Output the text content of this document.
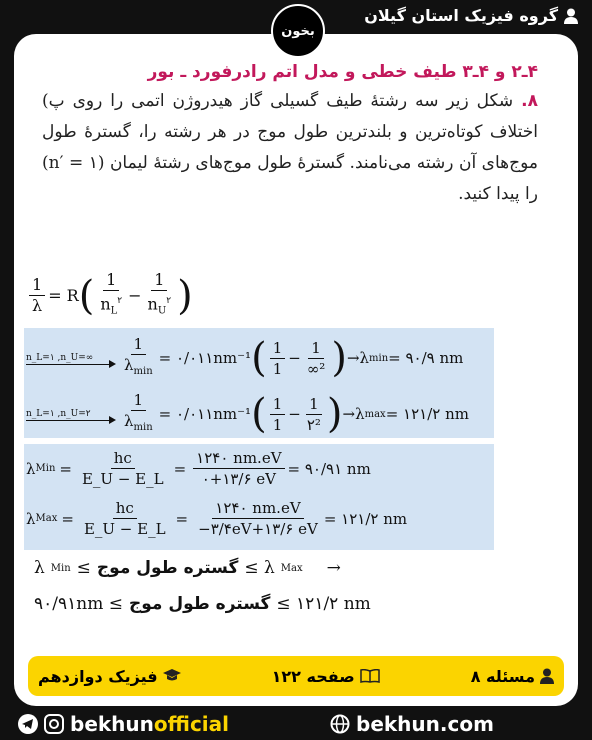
گروه فیزیک استان گیلان
بخون
۴ـ۲ و ۴ـ۳ طیف خطی و مدل اتم رادرفورد ـ بور
۸. شکل زیر سه رشتهٔ طیف گسیلی گاز هیدروژن اتمی را روی پ) اختلاف کوتاه‌ترین و بلندترین طول موج در هر رشته را، گسترهٔ طول موج‌های آن رشته می‌نامند. گسترهٔ طول موج‌های رشتهٔ لیمان (۱ = ′n) را پیدا کنید.
$\frac{1}{\lambda} = R$ ( $\frac{1}{n_L^۲} - \frac{1}{n_U^۲}$ )
n_L=۱ ,n_U=∞ $\frac{1}{\lambda_{min}}$ = ۰/۰۱۱nm⁻¹ ( $\frac{1}{1} - \frac{1}{\text{∞²}}$ ) → λ min = ۹۰/۹ nm
n_L=۱ ,n_U=۲ $\frac{1}{\lambda_{min}}$ = ۰/۰۱۱nm⁻¹ ( $\frac{1}{1} - \frac{1}{\text{۲²}}$ ) → λ max = ۱۲۱/۲ nm
λ Min = $\frac{hc}{E\_U - E\_L} = \frac{۱۲۴۰ nm.eV}{۰+۱۳/۶ eV}$ = ۹۰/۹۱ nm
λ Max = $\frac{hc}{E\_U - E\_L} = \frac{۱۲۴۰ nm.eV}{-۳/۴eV+۱۳/۶ eV}$ = ۱۲۱/۲ nm
λ Min ≤ گستره طول موج ≤ λ Max →
۹۰/۹۱nm ≤ گستره طول موج ≤ ۱۲۱/۲ nm
فیزیک دوازدهم	صفحه ۱۲۲	مسئله ۸
bekhunofficial	bekhun.com
